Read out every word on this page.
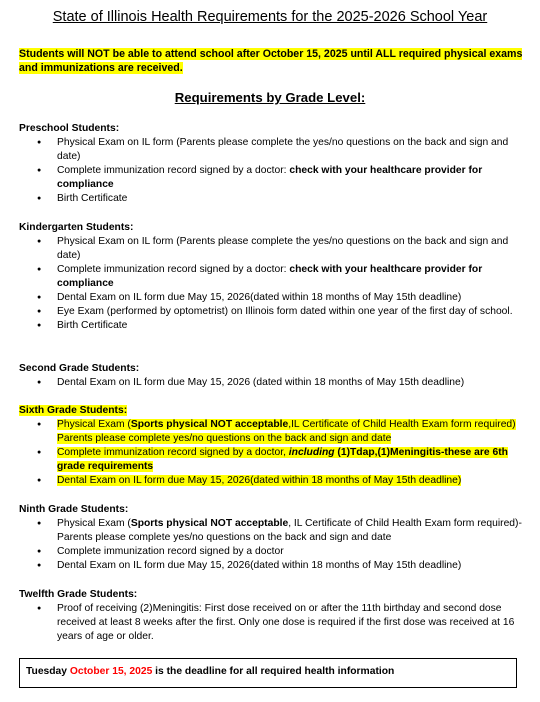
State of Illinois Health Requirements for the 2025-2026 School Year
Students will NOT be able to attend school after October 15, 2025 until ALL required physical exams and immunizations are received.
Requirements by Grade Level:
Preschool Students:
● Physical Exam on IL form (Parents please complete the yes/no questions on the back and sign and date)
● Complete immunization record signed by a doctor: check with your healthcare provider for compliance
● Birth Certificate
Kindergarten Students:
● Physical Exam on IL form (Parents please complete the yes/no questions on the back and sign and date)
● Complete immunization record signed by a doctor: check with your healthcare provider for compliance
● Dental Exam on IL form due May 15, 2026(dated within 18 months of May 15th deadline)
● Eye Exam (performed by optometrist) on Illinois form dated within one year of the first day of school.
● Birth Certificate
Second Grade Students:
● Dental Exam on IL form due May 15, 2026 (dated within 18 months of May 15th deadline)
Sixth Grade Students:
● Physical Exam (Sports physical NOT acceptable,IL Certificate of Child Health Exam form required) Parents please complete yes/no questions on the back and sign and date
● Complete immunization record signed by a doctor, including (1)Tdap,(1)Meningitis-these are 6th grade requirements
● Dental Exam on IL form due May 15, 2026(dated within 18 months of May 15th deadline)
Ninth Grade Students:
● Physical Exam (Sports physical NOT acceptable, IL Certificate of Child Health Exam form required)-Parents please complete yes/no questions on the back and sign and date
● Complete immunization record signed by a doctor
● Dental Exam on IL form due May 15, 2026(dated within 18 months of May 15th deadline)
Twelfth Grade Students:
● Proof of receiving (2)Meningitis: First dose received on or after the 11th birthday and second dose received at least 8 weeks after the first. Only one dose is required if the first dose was received at 16 years of age or older.
Tuesday October 15, 2025 is the deadline for all required health information
